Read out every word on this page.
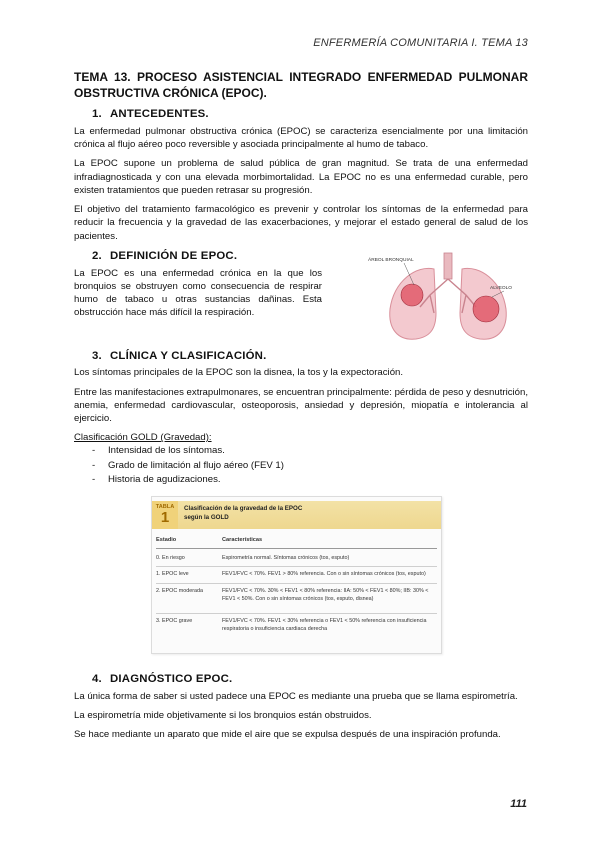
ENFERMERÍA COMUNITARIA I. TEMA 13
TEMA 13. PROCESO ASISTENCIAL INTEGRADO ENFERMEDAD PULMONAR OBSTRUCTIVA CRÓNICA (EPOC).
1. ANTECEDENTES.

La enfermedad pulmonar obstructiva crónica (EPOC) se caracteriza esencialmente por una limitación crónica al flujo aéreo poco reversible y asociada principalmente al humo de tabaco.

La EPOC supone un problema de salud pública de gran magnitud. Se trata de una enfermedad infradiagnosticada y con una elevada morbimortalidad. La EPOC no es una enfermedad curable, pero existen tratamientos que pueden retrasar su progresión.

El objetivo del tratamiento farmacológico es prevenir y controlar los síntomas de la enfermedad para reducir la frecuencia y la gravedad de las exacerbaciones, y mejorar el estado general de salud de los pacientes.

2. DEFINICIÓN DE EPOC.
La EPOC es una enfermedad crónica en la que los bronquios se obstruyen como consecuencia de respirar humo de tabaco u otras sustancias dañinas. Esta obstrucción hace más difícil la respiración.
ÁRBOL BRONQUIAL
ALVEOLO
3. CLÍNICA Y CLASIFICACIÓN.

Los síntomas principales de la EPOC son la disnea, la tos y la expectoración.

Entre las manifestaciones extrapulmonares, se encuentran principalmente: pérdida de peso y desnutrición, anemia, enfermedad cardiovascular, osteoporosis, ansiedad y depresión, miopatía e intolerancia al ejercicio.

Clasificación GOLD (Gravedad):
- Intensidad de los síntomas.
- Grado de limitación al flujo aéreo (FEV 1)
- Historia de agudizaciones.
TABLA
1
Clasificación de la gravedad de la EPOC
según la GOLD
Estadio	Características
0. En riesgo	Espirometría normal. Síntomas crónicos (tos, esputo)
1. EPOC leve	FEV1/FVC < 70%. FEV1 > 80% referencia. Con o sin síntomas crónicos (tos, esputo)
2. EPOC moderada	FEV1/FVC < 70%. 30% < FEV1 < 80% referencia: IIA: 50% < FEV1 < 80%; IIB: 30% < FEV1 < 50%. Con o sin síntomas crónicos (tos, esputo, disnea)
3. EPOC grave	FEV1/FVC < 70%. FEV1 < 30% referencia o FEV1 < 50% referencia con insuficiencia respiratoria o insuficiencia cardiaca derecha
4. DIAGNÓSTICO EPOC.

La única forma de saber si usted padece una EPOC es mediante una prueba que se llama espirometría.

La espirometría mide objetivamente si los bronquios están obstruidos.

Se hace mediante un aparato que mide el aire que se expulsa después de una inspiración profunda.

111
